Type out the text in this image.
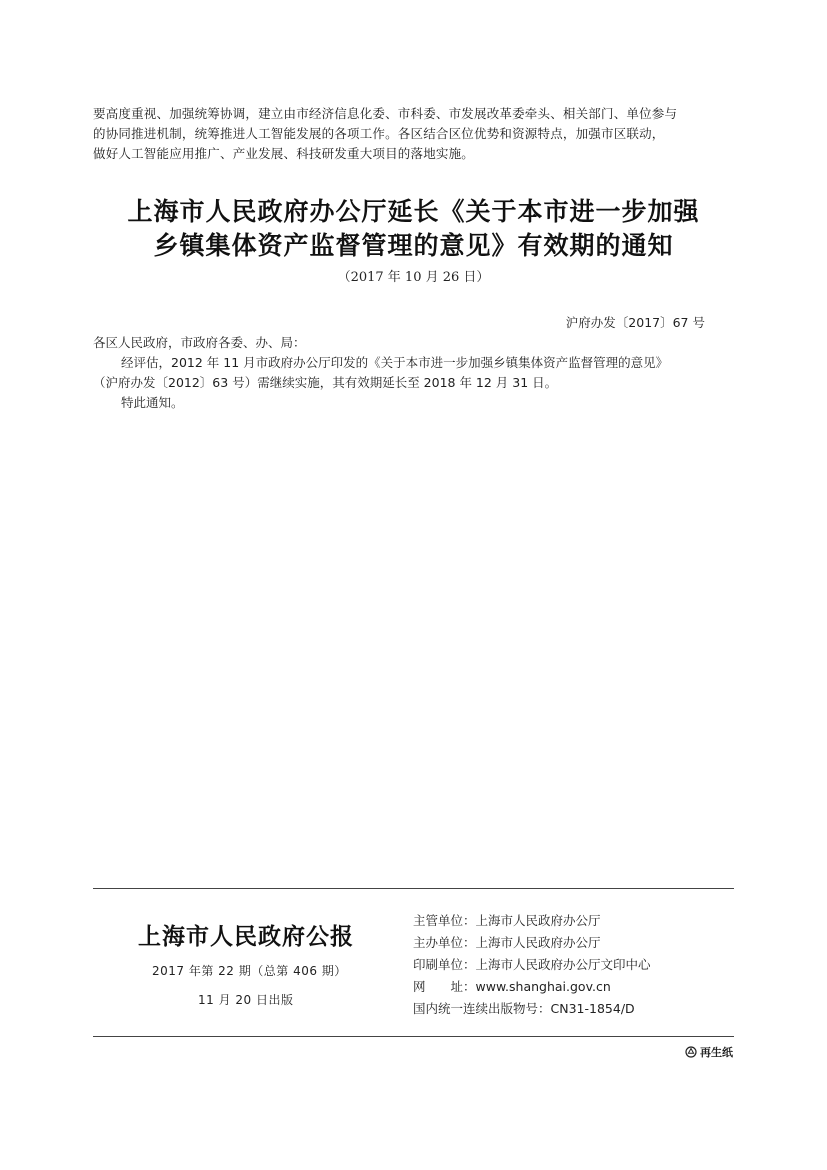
要高度重视、加强统筹协调，建立由市经济信息化委、市科委、市发展改革委牵头、相关部门、单位参与

的协同推进机制，统筹推进人工智能发展的各项工作。各区结合区位优势和资源特点，加强市区联动，

做好人工智能应用推广、产业发展、科技研发重大项目的落地实施。

上海市人民政府办公厅延长《关于本市进一步加强
乡镇集体资产监督管理的意见》有效期的通知
（2017 年 10 月 26 日）
沪府办发〔2017〕67 号

各区人民政府，市政府各委、办、局：

经评估，2012 年 11 月市政府办公厅印发的《关于本市进一步加强乡镇集体资产监督管理的意见》

（沪府办发〔2012〕63 号）需继续实施，其有效期延长至 2018 年 12 月 31 日。

特此通知。

上海市人民政府公报
2017 年第 22 期（总第 406 期）
11 月 20 日出版
主管单位：上海市人民政府办公厅
主办单位：上海市人民政府办公厅
印刷单位：上海市人民政府办公厅文印中心
网　　址：www.shanghai.gov.cn
国内统一连续出版物号：CN31-1854/D
再生纸
